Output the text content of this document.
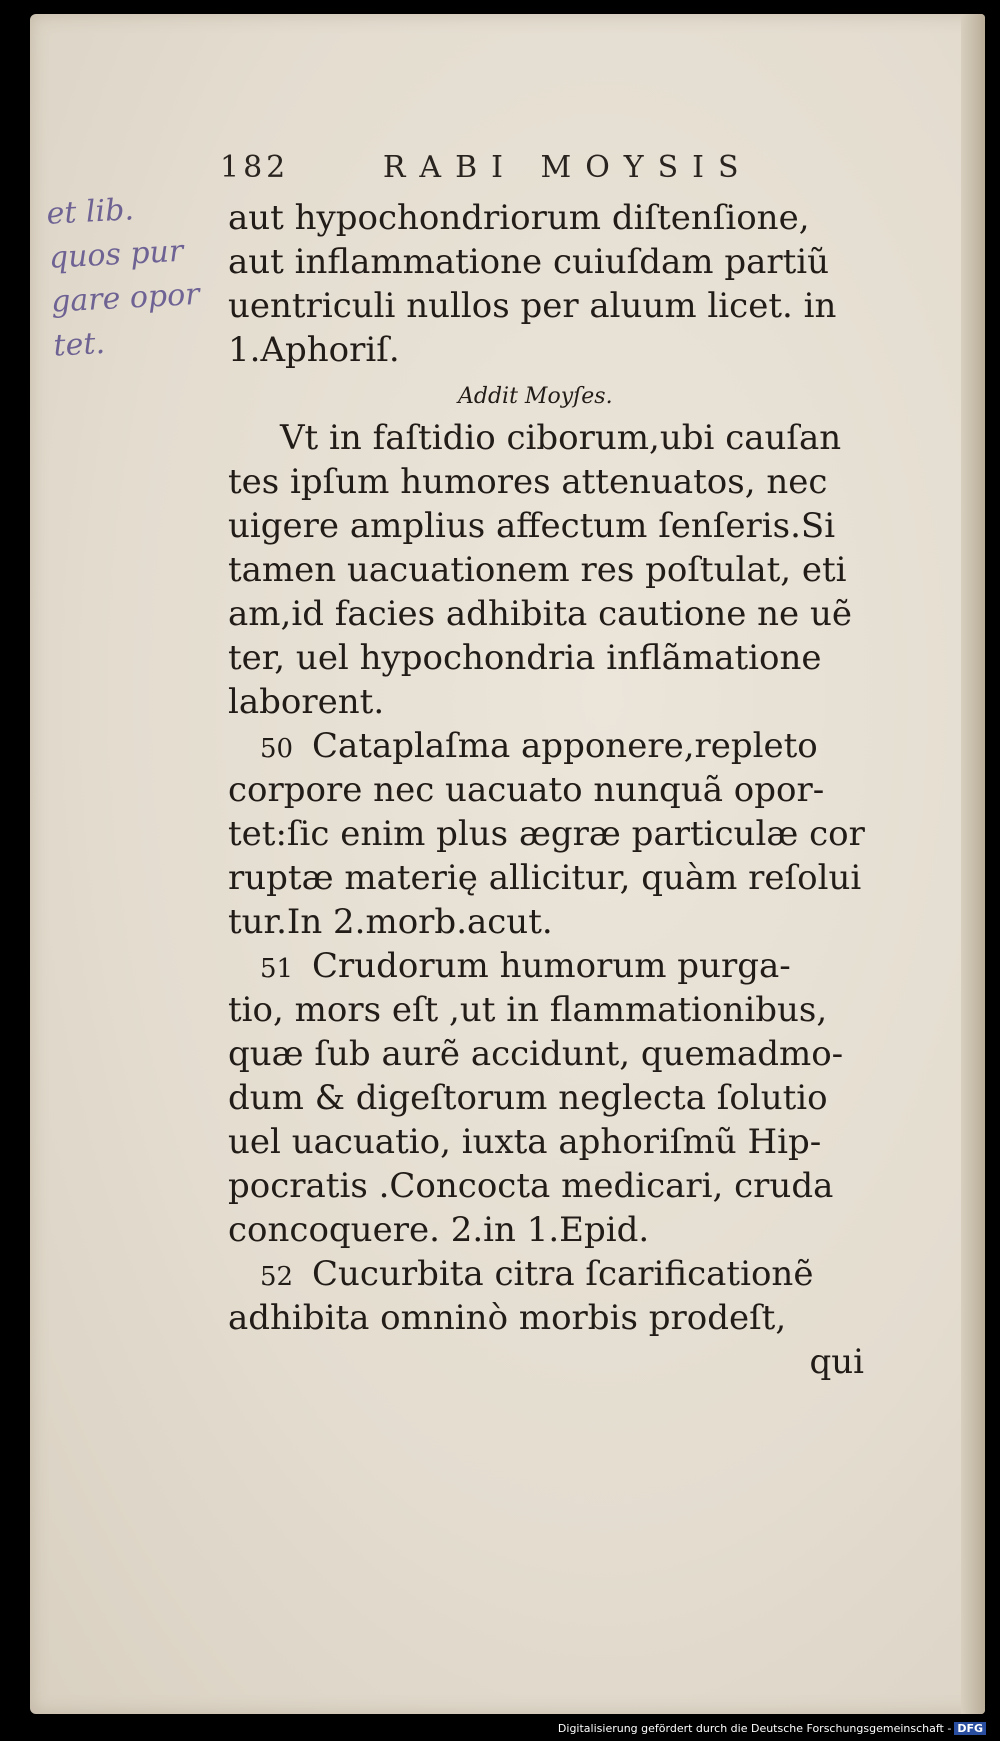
182	RABI MOYSIS
et lib.
quos pur
gare opor
tet.
aut hypochondriorum diſtenſione,
aut inflammatione cuiuſdam partiũ
uentriculi nullos per aluum licet. in
1.Aphoriſ.
Addit Moyſes.
Vt in faſtidio ciborum,ubi cauſan
tes ipſum humores attenuatos, nec
uigere amplius affectum ſenſeris.Si
tamen uacuationem res poſtulat, eti
am,id facies adhibita cautione ne uẽ
ter, uel hypochondria inflãmatione
laborent.
50 Cataplaſma apponere,repleto
corpore nec uacuato nunquã opor-
tet:ſic enim plus ægræ particulæ cor
ruptæ materię allicitur, quàm reſolui
tur.In 2.morb.acut.
51 Crudorum humorum purga-
tio, mors eſt ,ut in flammationibus,
quæ ſub aurẽ accidunt, quemadmo-
dum & digeſtorum neglecta ſolutio
uel uacuatio, iuxta aphoriſmũ Hip-
pocratis .Concocta medicari, cruda
concoquere. 2.in 1.Epid.
52 Cucurbita citra ſcarificationẽ
adhibita omninò morbis prodeſt,
qui
Digitalisierung gefördert durch die Deutsche Forschungsgemeinschaft - DFG
